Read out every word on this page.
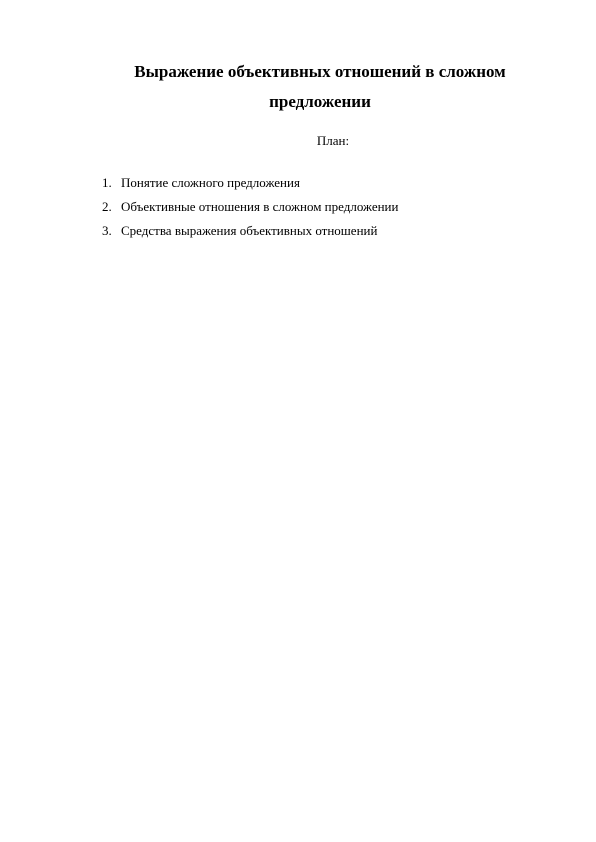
Выражение объективных отношений в сложном предложении

План:

1. Понятие сложного предложения
2. Объективные отношения в сложном предложении
3. Средства выражения объективных отношений
